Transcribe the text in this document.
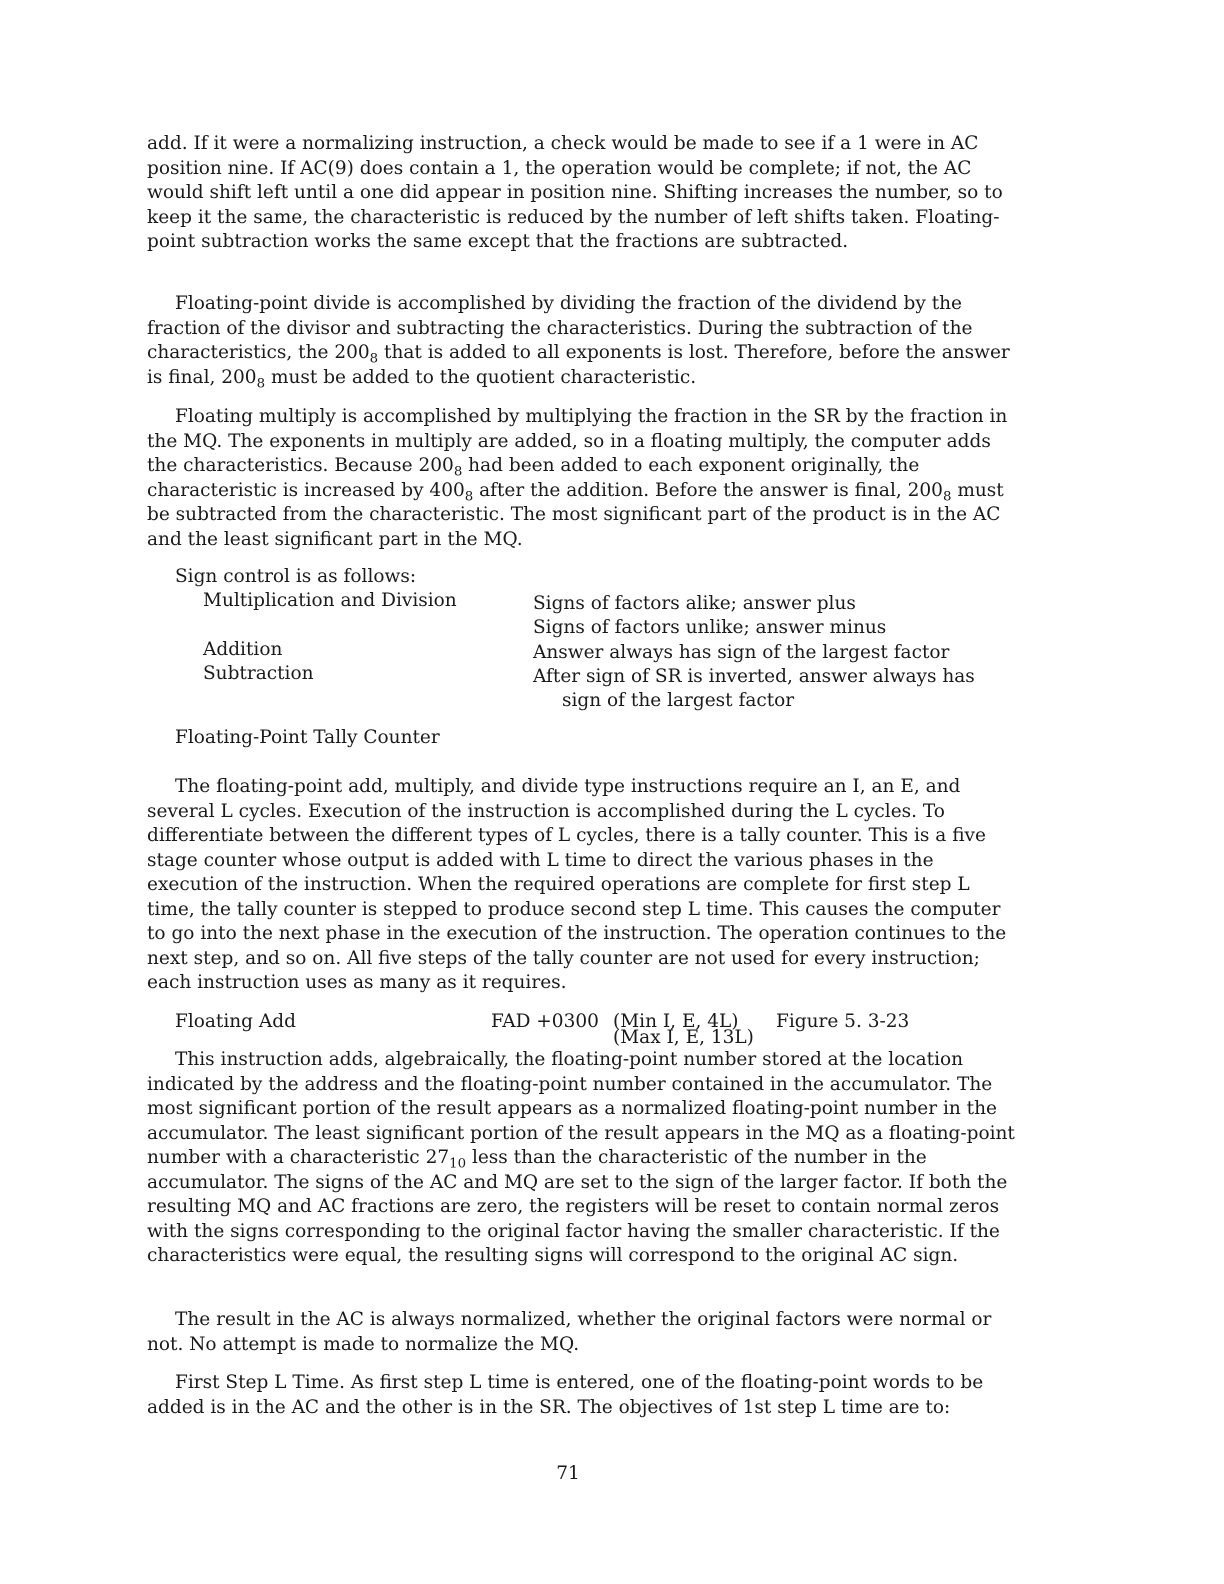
add. If it were a normalizing instruction, a check would be made to see if a 1 were in AC position nine. If AC(9) does contain a 1, the operation would be complete; if not, the AC would shift left until a one did appear in position nine. Shifting increases the number, so to keep it the same, the characteristic is reduced by the number of left shifts taken. Floating-point subtraction works the same except that the fractions are subtracted.

Floating-point divide is accomplished by dividing the fraction of the dividend by the fraction of the divisor and subtracting the characteristics. During the subtraction of the characteristics, the $200_8$ that is added to all exponents is lost. Therefore, before the answer is final, $200_8$ must be added to the quotient characteristic.

Floating multiply is accomplished by multiplying the fraction in the SR by the fraction in the MQ. The exponents in multiply are added, so in a floating multiply, the computer adds the characteristics. Because $200_8$ had been added to each exponent originally, the characteristic is increased by $400_8$ after the addition. Before the answer is final, $200_8$ must be subtracted from the characteristic. The most significant part of the product is in the AC and the least significant part in the MQ.

Sign control is as follows:
Multiplication and Division	Signs of factors alike; answer plus
Signs of factors unlike; answer minus
Addition	Answer always has sign of the largest factor
Subtraction	After sign of SR is inverted, answer always has
sign of the largest factor
Floating-Point Tally Counter

The floating-point add, multiply, and divide type instructions require an I, an E, and several L cycles. Execution of the instruction is accomplished during the L cycles. To differentiate between the different types of L cycles, there is a tally counter. This is a five stage counter whose output is added with L time to direct the various phases in the execution of the instruction. When the required operations are complete for first step L time, the tally counter is stepped to produce second step L time. This causes the computer to go into the next phase in the execution of the instruction. The operation continues to the next step, and so on. All five steps of the tally counter are not used for every instruction; each instruction uses as many as it requires.

Floating Add	FAD +0300 (Min I, E, 4L)
(Max I, E, 13L)
Figure 5. 3-23

This instruction adds, algebraically, the floating-point number stored at the location indicated by the address and the floating-point number contained in the accumulator. The most significant portion of the result appears as a normalized floating-point number in the accumulator. The least significant portion of the result appears in the MQ as a floating-point number with a characteristic $27_{10}$ less than the characteristic of the number in the accumulator. The signs of the AC and MQ are set to the sign of the larger factor. If both the resulting MQ and AC fractions are zero, the registers will be reset to contain normal zeros with the signs corresponding to the original factor having the smaller characteristic. If the characteristics were equal, the resulting signs will correspond to the original AC sign.

The result in the AC is always normalized, whether the original factors were normal or not. No attempt is made to normalize the MQ.

First Step L Time. As first step L time is entered, one of the floating-point words to be added is in the AC and the other is in the SR. The objectives of 1st step L time are to:

71
